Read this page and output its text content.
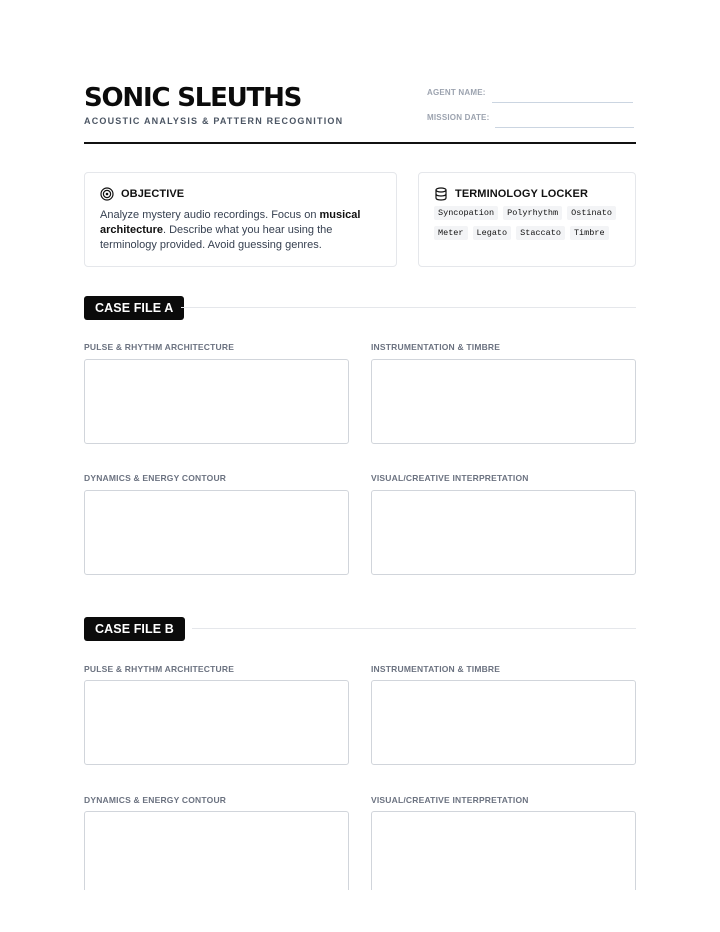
SONIC SLEUTHS
ACOUSTIC ANALYSIS & PATTERN RECOGNITION
AGENT NAME:
MISSION DATE:
OBJECTIVE

Analyze mystery audio recordings. Focus on musical architecture. Describe what you hear using the terminology provided. Avoid guessing genres.

TERMINOLOGY LOCKER
Syncopation	Polyrhythm	Ostinato
Meter	Legato	Staccato	Timbre
CASE FILE A
PULSE & RHYTHM ARCHITECTURE	INSTRUMENTATION & TIMBRE
DYNAMICS & ENERGY CONTOUR	VISUAL/CREATIVE INTERPRETATION
CASE FILE B
PULSE & RHYTHM ARCHITECTURE	INSTRUMENTATION & TIMBRE
DYNAMICS & ENERGY CONTOUR	VISUAL/CREATIVE INTERPRETATION
